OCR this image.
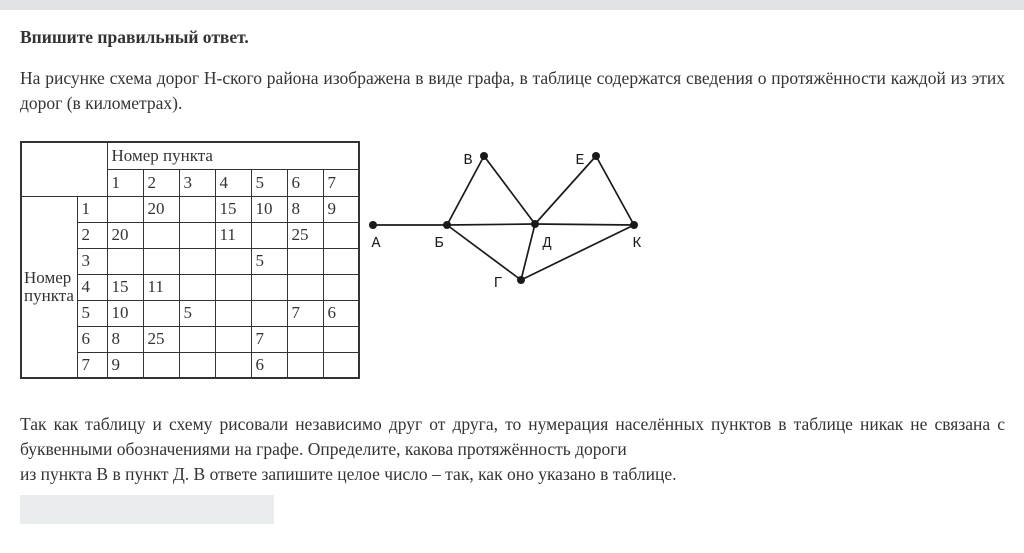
Впишите правильный ответ.

На рисунке схема дорог Н-ского района изображена в виде графа, в таблице содержатся сведения о протяжённости каждой из этих дорог (в километрах).

		Номер пункта						
		1	2	3	4	5	6	7

Номер
пункта	1		20		15	10	8	9
	2	20			11		25	
	3					5		
	4	15	11					
	5	10		5			7	6
	6	8	25			7		
	7	9				6		
А	Б
В
Г
Д
Е
К

Так как таблицу и схему рисовали независимо друг от друга, то нумерация населённых пунктов в таблице никак не связана с буквенными обозначениями на графе. Определите, какова протяжённость дороги
из пункта В в пункт Д. В ответе запишите целое число – так, как оно указано в таблице.
